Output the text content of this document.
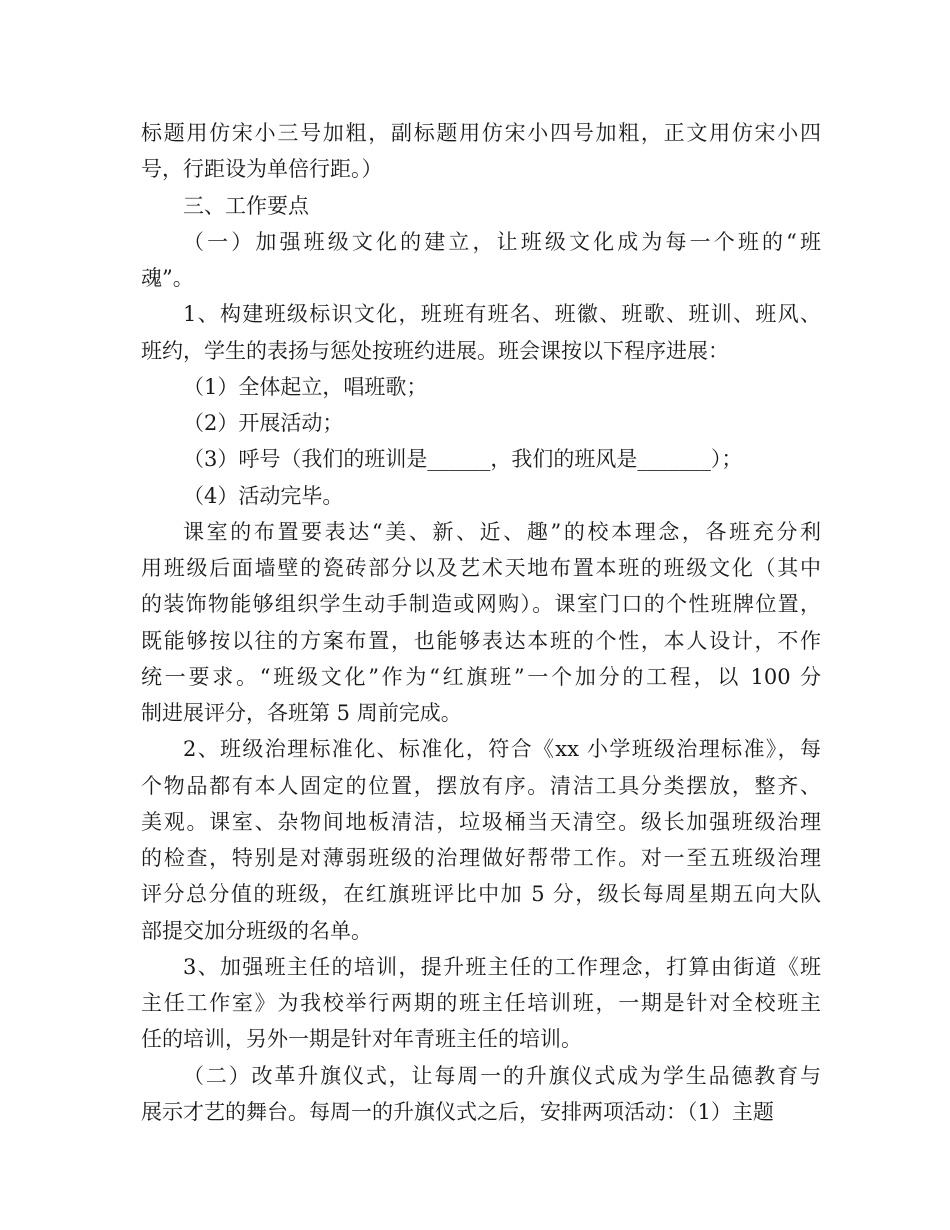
标题用仿宋小三号加粗，副标题用仿宋小四号加粗，正文用仿宋小四
号，行距设为单倍行距。）
三、工作要点
（一）加强班级文化的建立，让班级文化成为每一个班的“班
魂”。
1、构建班级标识文化，班班有班名、班徽、班歌、班训、班风、
班约，学生的表扬与惩处按班约进展。班会课按以下程序进展：
（1）全体起立，唱班歌；
（2）开展活动；
（3）呼号（我们的班训是______，我们的班风是_______）；
（4）活动完毕。
课室的布置要表达“美、新、近、趣”的校本理念，各班充分利
用班级后面墙壁的瓷砖部分以及艺术天地布置本班的班级文化（其中
的装饰物能够组织学生动手制造或网购）。课室门口的个性班牌位置，
既能够按以往的方案布置，也能够表达本班的个性，本人设计，不作
统一要求。“班级文化”作为“红旗班”一个加分的工程，以 100 分
制进展评分，各班第 5 周前完成。
2、班级治理标准化、标准化，符合《xx 小学班级治理标准》，每
个物品都有本人固定的位置，摆放有序。清洁工具分类摆放，整齐、
美观。课室、杂物间地板清洁，垃圾桶当天清空。级长加强班级治理
的检查，特别是对薄弱班级的治理做好帮带工作。对一至五班级治理
评分总分值的班级，在红旗班评比中加 5 分，级长每周星期五向大队
部提交加分班级的名单。
3、加强班主任的培训，提升班主任的工作理念，打算由街道《班
主任工作室》为我校举行两期的班主任培训班，一期是针对全校班主
任的培训，另外一期是针对年青班主任的培训。
（二）改革升旗仪式，让每周一的升旗仪式成为学生品德教育与
展示才艺的舞台。每周一的升旗仪式之后，安排两项活动：（1）主题
